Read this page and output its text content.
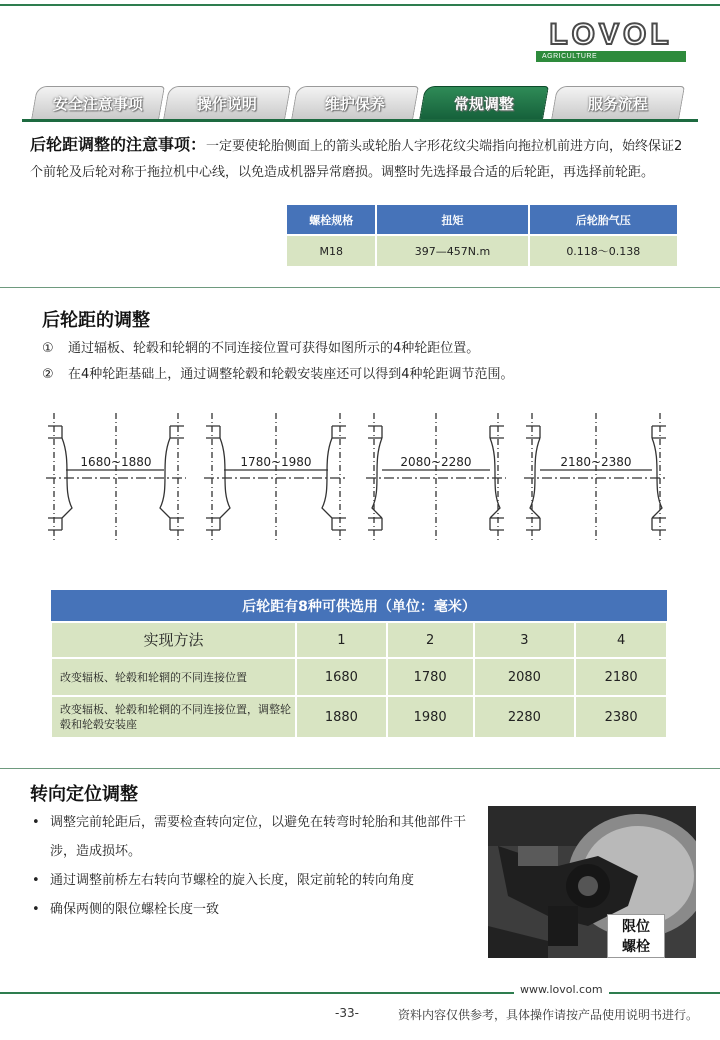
LOVOL
AGRICULTURE
安全注意事项	操作说明	维护保养	常规调整	服务流程
后轮距调整的注意事项：一定要使轮胎侧面上的箭头或轮胎人字形花纹尖端指向拖拉机前进方向，始终保证2个前轮及后轮对称于拖拉机中心线，以免造成机器异常磨损。调整时先选择最合适的后轮距，再选择前轮距。
螺栓规格	扭矩	后轮胎气压
M18	397—457N.m	0.118～0.138
后轮距的调整
① 通过辐板、轮毂和轮辋的不同连接位置可获得如图所示的4种轮距位置。
② 在4种轮距基础上，通过调整轮毂和轮毂安装座还可以得到4种轮距调节范围。
1680~1880	1780~1980	2080~2280	2180~2380
后轮距有8种可供选用（单位：毫米）				
实现方法	1	2	3	4
改变辐板、轮毂和轮辋的不同连接位置	1680	1780	2080	2180
改变辐板、轮毂和轮辋的不同连接位置，调整轮毂和轮毂安装座	1880	1980	2280	2380
转向定位调整
• 调整完前轮距后，需要检查转向定位，以避免在转弯时轮胎和其他部件干涉，造成损坏。
• 通过调整前桥左右转向节螺栓的旋入长度，限定前轮的转向角度
• 确保两侧的限位螺栓长度一致
限位
螺栓
www.lovol.com
-33-	资料内容仅供参考，具体操作请按产品使用说明书进行。
